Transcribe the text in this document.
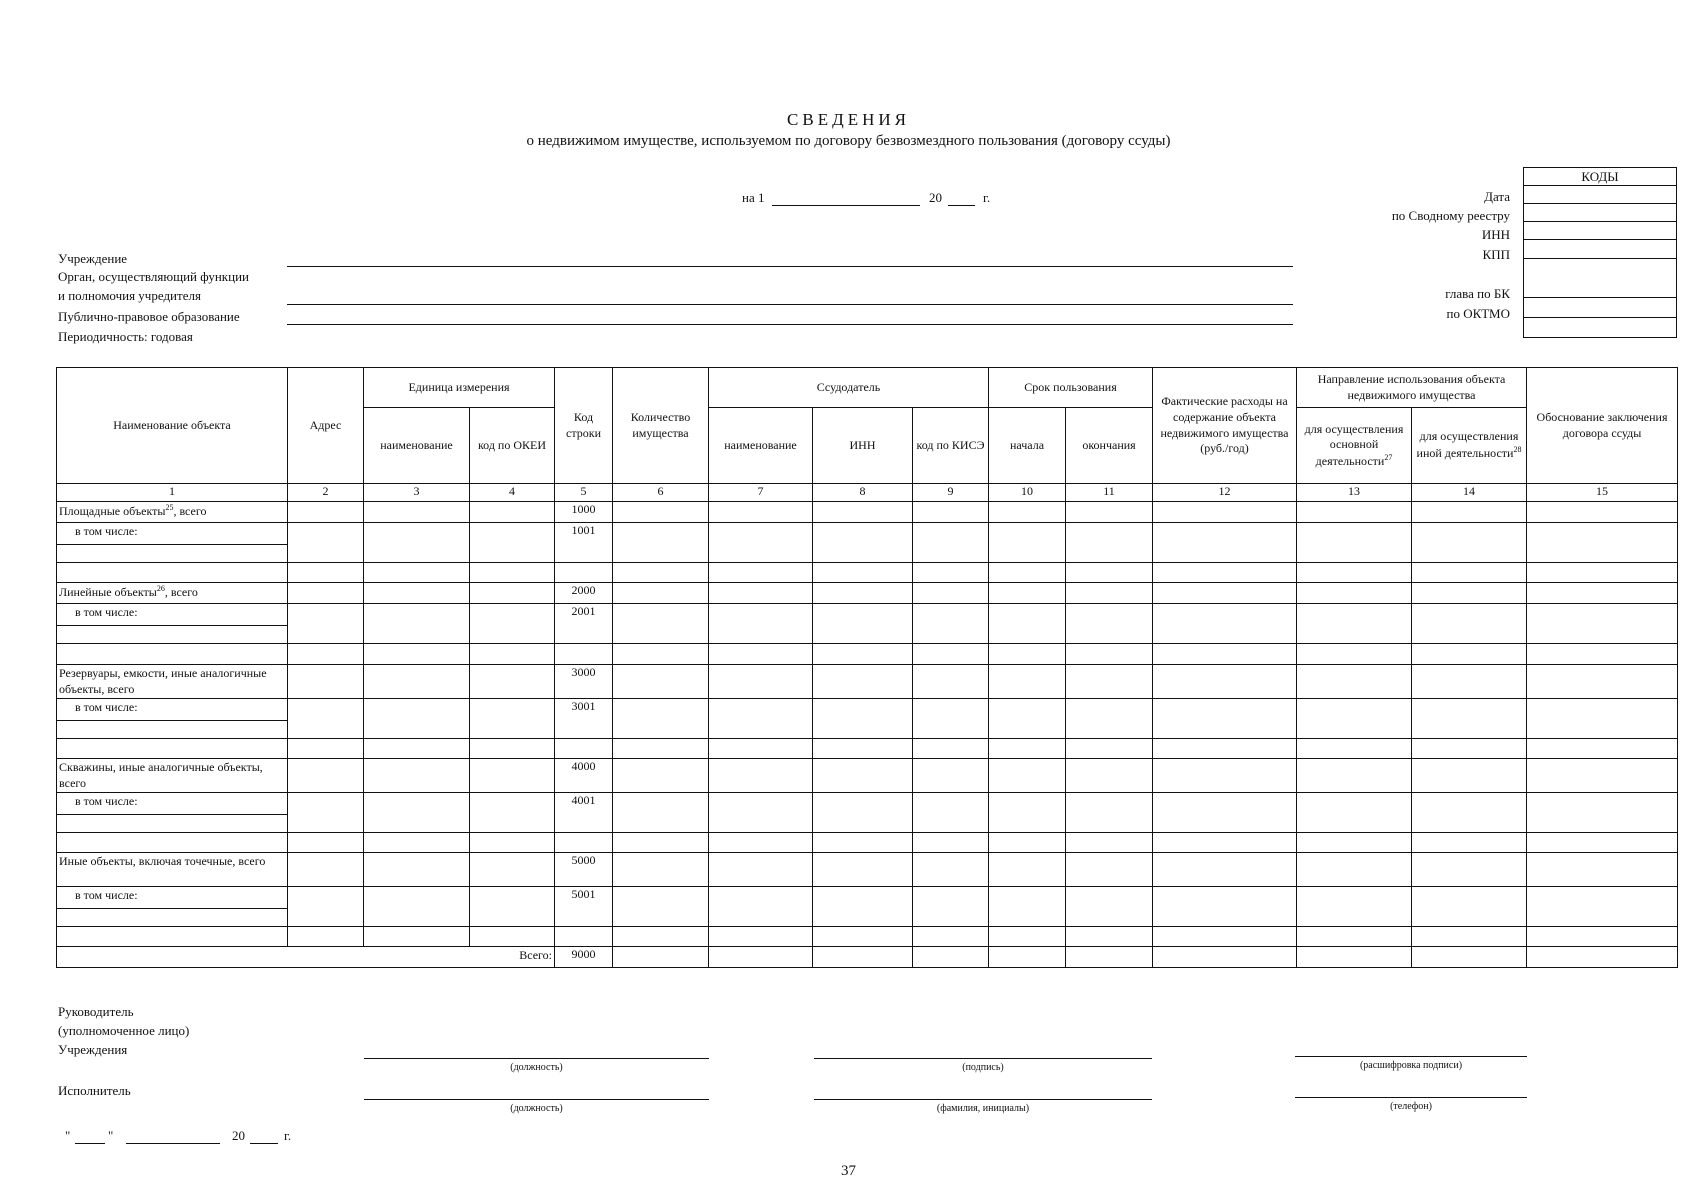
СВЕДЕНИЯ
о недвижимом имуществе, используемом по договору безвозмездного пользования (договору ссуды)
на 1	20	г.	Дата
по Сводному реестру
ИНН
КПП
глава по БК
по ОКТМО
КОДЫ

Учреждение
Орган, осуществляющий функции
и полномочия учредителя
Публично-правовое образование
Периодичность: годовая
Наименование объекта	Адрес	Единица измерения		Код строки	Количество имущества	Ссудодатель			Срок пользования		Фактические расходы на содержание объекта недвижимого имущества (руб./год)	Направление использования объекта недвижимого имущества		Обоснование заключения договора ссуды
		наименование	код по ОКЕИ			наименование	ИНН	код по КИСЭ	начала	окончания		для осуществления основной деятельности$^{27}$	для осуществления иной деятельности$^{28}$
1	2	3	4	5	6	7	8	9	10	11	12	13	14	15
Площадные объекты$^{25}$, всего				1000										
в том числе:				1001										

Линейные объекты$^{26}$, всего				2000										
в том числе:				2001										

Резервуары, емкости, иные аналогичные объекты, всего				3000										
в том числе:				3001										

Скважины, иные аналогичные объекты, всего				4000										
в том числе:				4001										

Иные объекты, включая точечные, всего				5000										
в том числе:				5001										

Всего:				9000										
Руководитель
(уполномоченное лицо)
Учреждения
(должность)	(подпись)	(расшифровка подписи)
Исполнитель
(должность)	(фамилия, инициалы)	(телефон)
"	"	20	г.
37
